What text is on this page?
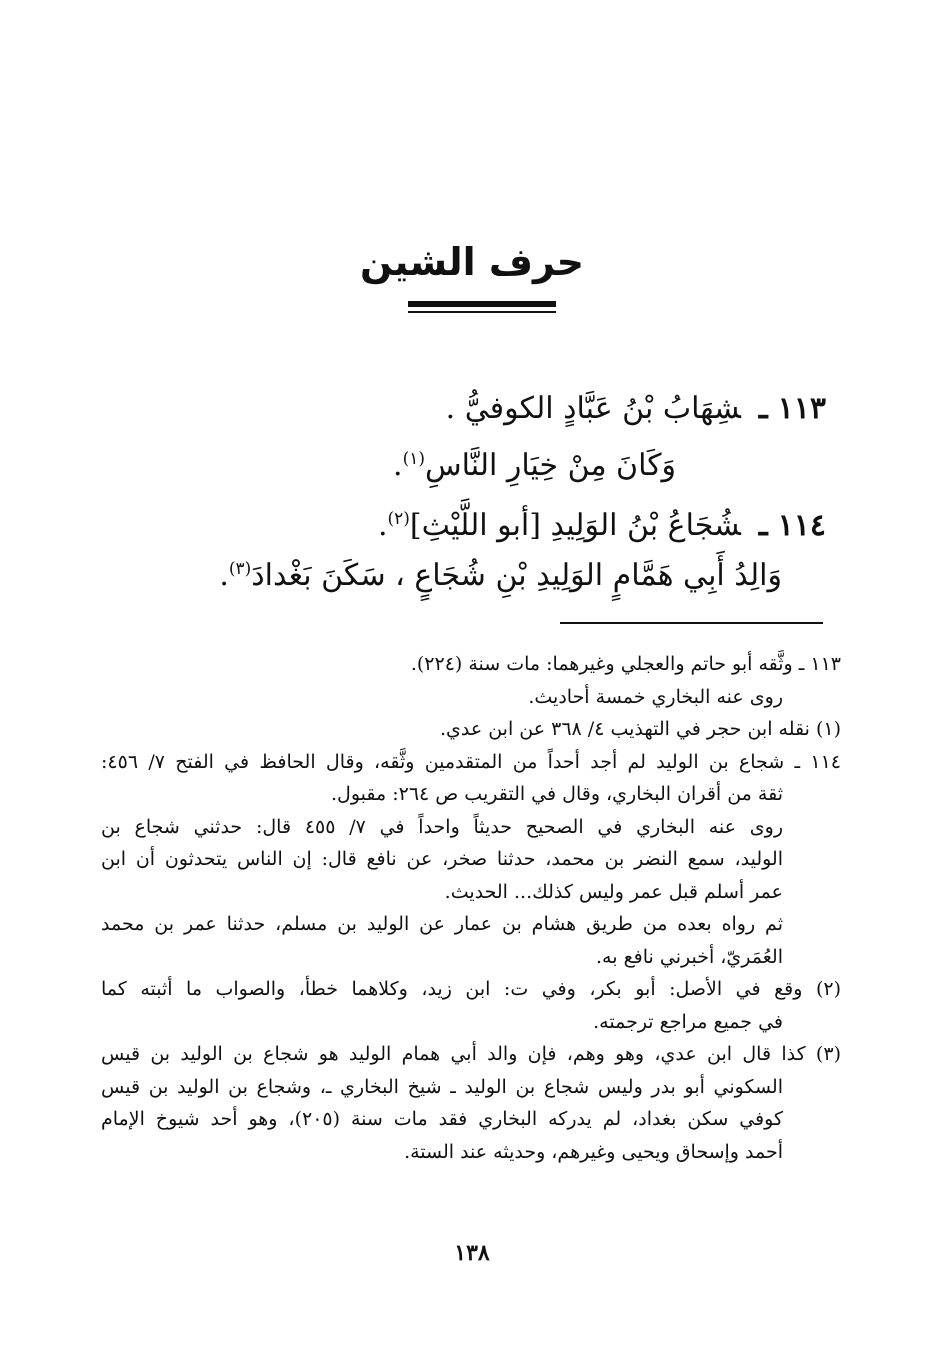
حرف الشين
١١٣ـشِهَابُ بْنُ عَبَّادٍ الكوفيُّ .
وَكَانَ مِنْ خِيَارِ النَّاسِ$^{(١)}$.
١١٤ـشُجَاعُ بْنُ الوَلِيدِ [أبو اللَّيْثِ]$^{(٢)}$.
وَالِدُ أَبِي هَمَّامٍ الوَلِيدِ بْنِ شُجَاعٍ ، سَكَنَ بَغْدادَ$^{(٣)}$.
١١٣ ـ وثَّقه أبو حاتم والعجلي وغيرهما: مات سنة (٢٢٤).
روى عنه البخاري خمسة أحاديث.
(١) نقله ابن حجر في التهذيب ٤/ ٣٦٨ عن ابن عدي.
١١٤ ـ شجاع بن الوليد لم أجد أحداً من المتقدمين وثَّقه، وقال الحافظ في الفتح ٧/ ٤٥٦:
ثقة من أقران البخاري، وقال في التقريب ص ٢٦٤: مقبول.
روى عنه البخاري في الصحيح حديثاً واحداً في ٧/ ٤٥٥ قال: حدثني شجاع بن
الوليد، سمع النضر بن محمد، حدثنا صخر، عن نافع قال: إن الناس يتحدثون أن ابن
عمر أسلم قبل عمر وليس كذلك... الحديث.
ثم رواه بعده من طريق هشام بن عمار عن الوليد بن مسلم، حدثنا عمر بن محمد
العُمَريّ، أخبرني نافع به.
(٢) وقع في الأصل: أبو بكر، وفي ت: ابن زيد، وكلاهما خطأ، والصواب ما أثبته كما
في جميع مراجع ترجمته.
(٣) كذا قال ابن عدي، وهو وهم، فإن والد أبي همام الوليد هو شجاع بن الوليد بن قيس
السكوني أبو بدر وليس شجاع بن الوليد ـ شيخ البخاري ـ، وشجاع بن الوليد بن قيس
كوفي سكن بغداد، لم يدركه البخاري فقد مات سنة (٢٠٥)، وهو أحد شيوخ الإمام
أحمد وإسحاق ويحيى وغيرهم، وحديثه عند الستة.
١٣٨
